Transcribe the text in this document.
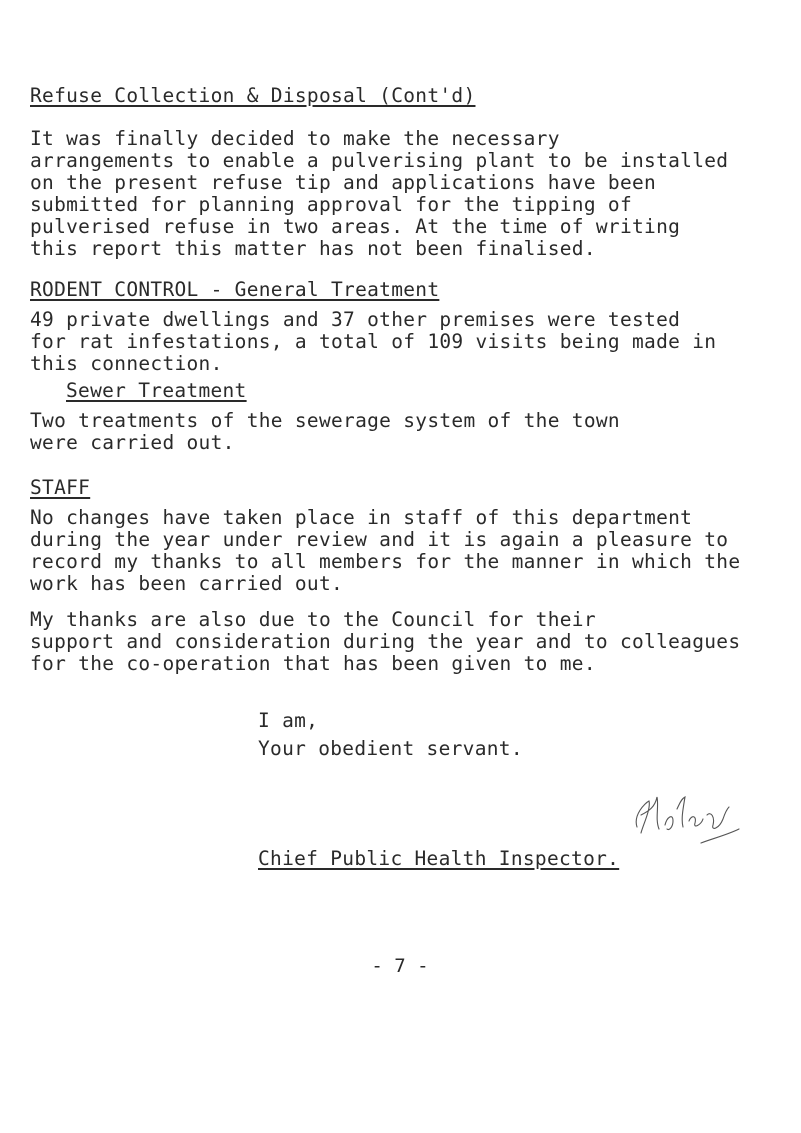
Refuse Collection & Disposal (Cont'd)
It was finally decided to make the necessary
arrangements to enable a pulverising plant to be installed
on the present refuse tip and applications have been
submitted for planning approval for the tipping of
pulverised refuse in two areas. At the time of writing
this report this matter has not been finalised.
RODENT CONTROL - General Treatment
49 private dwellings and 37 other premises were tested
for rat infestations, a total of 109 visits being made in
this connection.
Sewer Treatment
Two treatments of the sewerage system of the town
were carried out.
STAFF
No changes have taken place in staff of this department
during the year under review and it is again a pleasure to
record my thanks to all members for the manner in which the
work has been carried out.
My thanks are also due to the Council for their
support and consideration during the year and to colleagues
for the co-operation that has been given to me.
I am,
Your obedient servant.
Chief Public Health Inspector.
- 7 -
